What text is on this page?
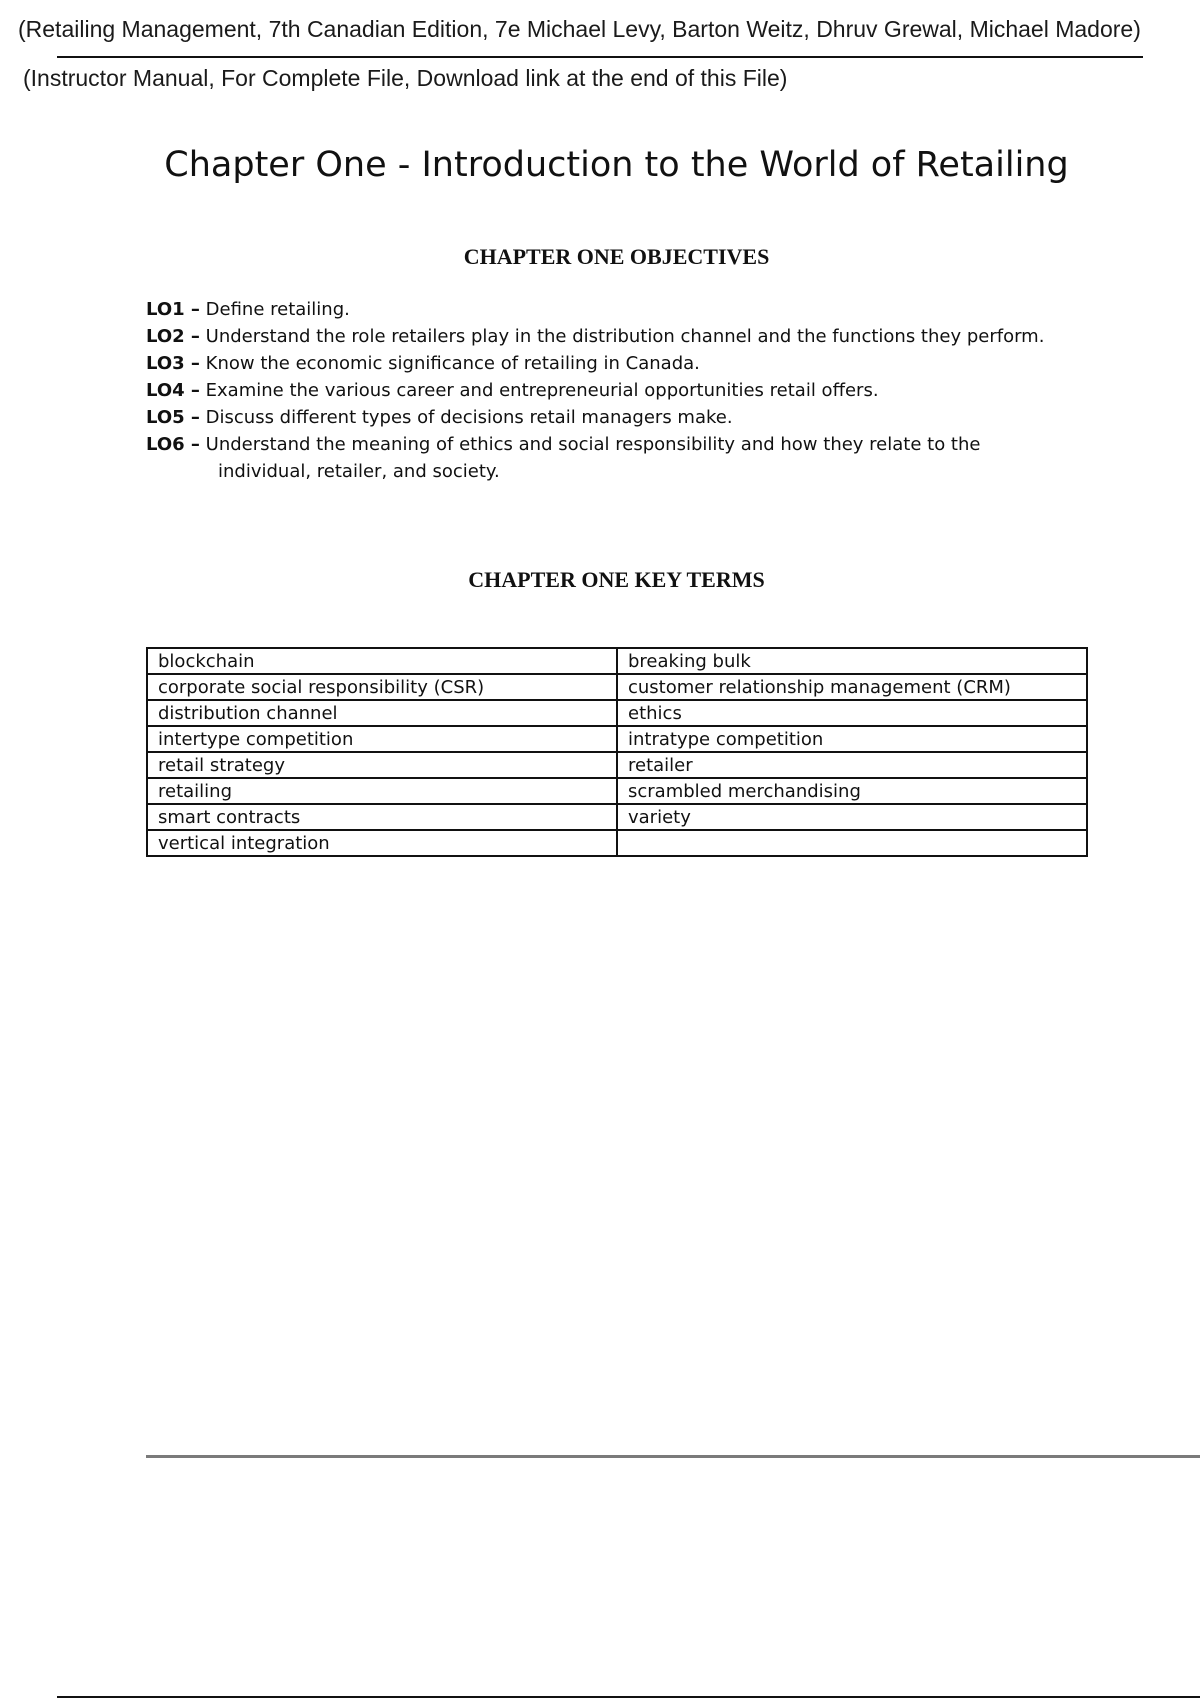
(Retailing Management, 7th Canadian Edition, 7e Michael Levy, Barton Weitz, Dhruv Grewal, Michael Madore)
(Instructor Manual, For Complete File, Download link at the end of this File)
Chapter One - Introduction to the World of Retailing
CHAPTER ONE OBJECTIVES
LO1 – Define retailing.
LO2 – Understand the role retailers play in the distribution channel and the functions they perform.
LO3 – Know the economic significance of retailing in Canada.
LO4 – Examine the various career and entrepreneurial opportunities retail offers.
LO5 – Discuss different types of decisions retail managers make.
LO6 – Understand the meaning of ethics and social responsibility and how they relate to the individual, retailer, and society.
CHAPTER ONE KEY TERMS
blockchain	breaking bulk
corporate social responsibility (CSR)	customer relationship management (CRM)
distribution channel	ethics
intertype competition	intratype competition
retail strategy	retailer
retailing	scrambled merchandising
smart contracts	variety
vertical integration	
